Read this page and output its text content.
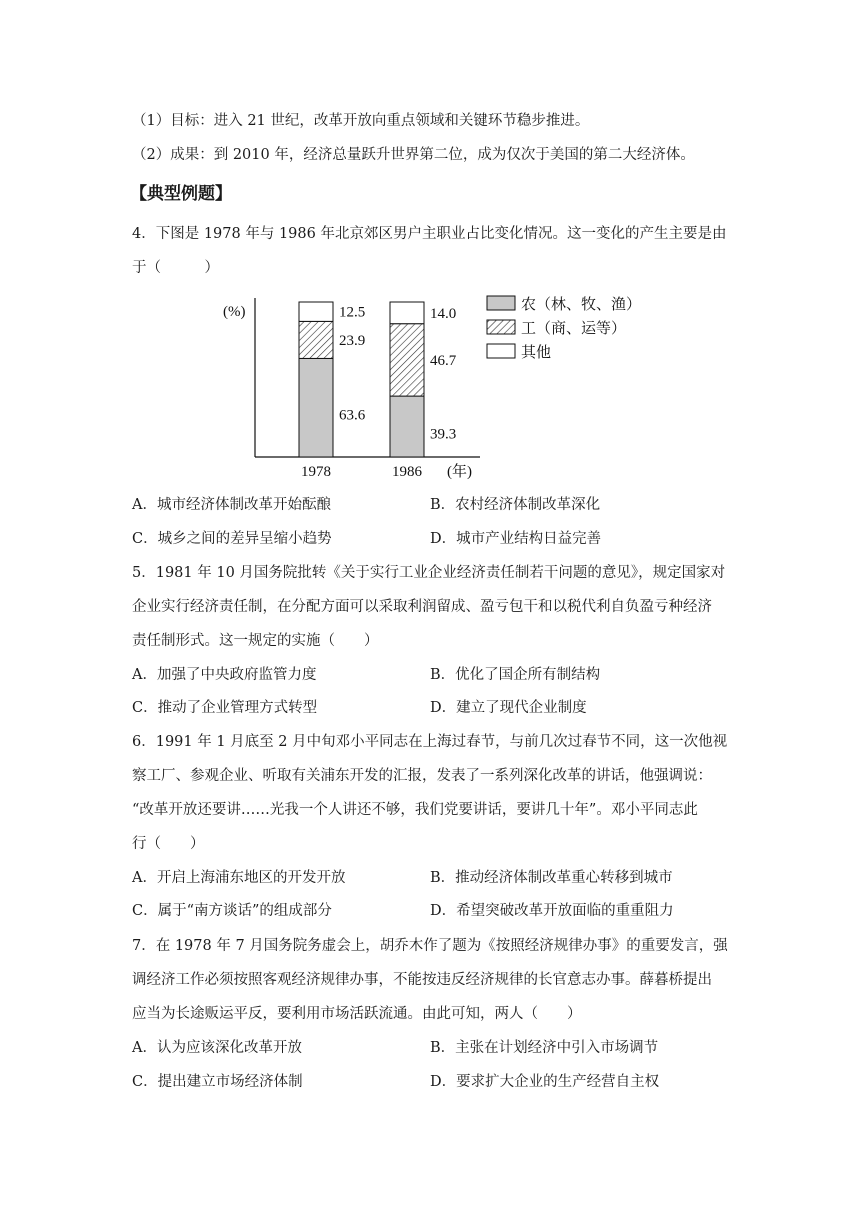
（1）目标：进入 21 世纪，改革开放向重点领域和关键环节稳步推进。
（2）成果：到 2010 年，经济总量跃升世界第二位，成为仅次于美国的第二大经济体。
【典型例题】
4．下图是 1978 年与 1986 年北京郊区男户主职业占比变化情况。这一变化的产生主要是由
于（　　　）
(%)
(年)
63.6
23.9
12.5
1978
39.3
46.7
14.0
1986
农（林、牧、渔）
工（商、运等）
其他
A．城市经济体制改革开始酝酿	B．农村经济体制改革深化
C．城乡之间的差异呈缩小趋势	D．城市产业结构日益完善
5．1981 年 10 月国务院批转《关于实行工业企业经济责任制若干问题的意见》，规定国家对
企业实行经济责任制，在分配方面可以采取利润留成、盈亏包干和以税代利自负盈亏种经济
责任制形式。这一规定的实施（　　）
A．加强了中央政府监管力度	B．优化了国企所有制结构
C．推动了企业管理方式转型	D．建立了现代企业制度
6．1991 年 1 月底至 2 月中旬邓小平同志在上海过春节，与前几次过春节不同，这一次他视
察工厂、参观企业、听取有关浦东开发的汇报，发表了一系列深化改革的讲话，他强调说：
“改革开放还要讲……光我一个人讲还不够，我们党要讲话，要讲几十年”。邓小平同志此
行（　　）
A．开启上海浦东地区的开发开放	B．推动经济体制改革重心转移到城市
C．属于“南方谈话”的组成部分	D．希望突破改革开放面临的重重阻力
7．在 1978 年 7 月国务院务虚会上，胡乔木作了题为《按照经济规律办事》的重要发言，强
调经济工作必须按照客观经济规律办事，不能按违反经济规律的长官意志办事。薛暮桥提出
应当为长途贩运平反，要利用市场活跃流通。由此可知，两人（　　）
A．认为应该深化改革开放	B．主张在计划经济中引入市场调节
C．提出建立市场经济体制	D．要求扩大企业的生产经营自主权
